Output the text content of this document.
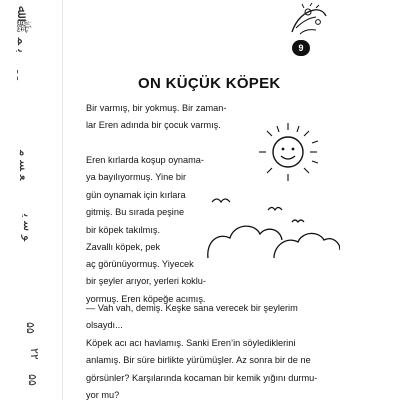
ﷺ ﷲ‎ ﺑ ﻤ
ـ ـ
ﻌ ﺴ ﻣ
ﻮ ﺳ ﯾ
۵۵
۲۲
۵۵
9
ON KÜÇÜK KÖPEK
Bir varmış, bir yokmuş. Bir zaman-
lar Eren adında bir çocuk varmış.
Eren kırlarda koşup oynama-
ya bayılıyormuş. Yine bir
gün oynamak için kırlara
gitmiş. Bu sırada peşine
bir köpek takılmış.
Zavallı köpek, pek
aç görünüyormuş. Yiyecek
bir şeyler arıyor, yerleri koklu-
yormuş. Eren köpeğe acımış.
— Vah vah, demiş. Keşke sana verecek bir şeylerim
olsaydı...
Köpek acı acı havlamış. Sanki Eren’in söylediklerini
anlamış. Bir süre birlikte yürümüşler. Az sonra bir de ne
görsünler? Karşılarında kocaman bir kemik yığını durmu-
yor mu?
